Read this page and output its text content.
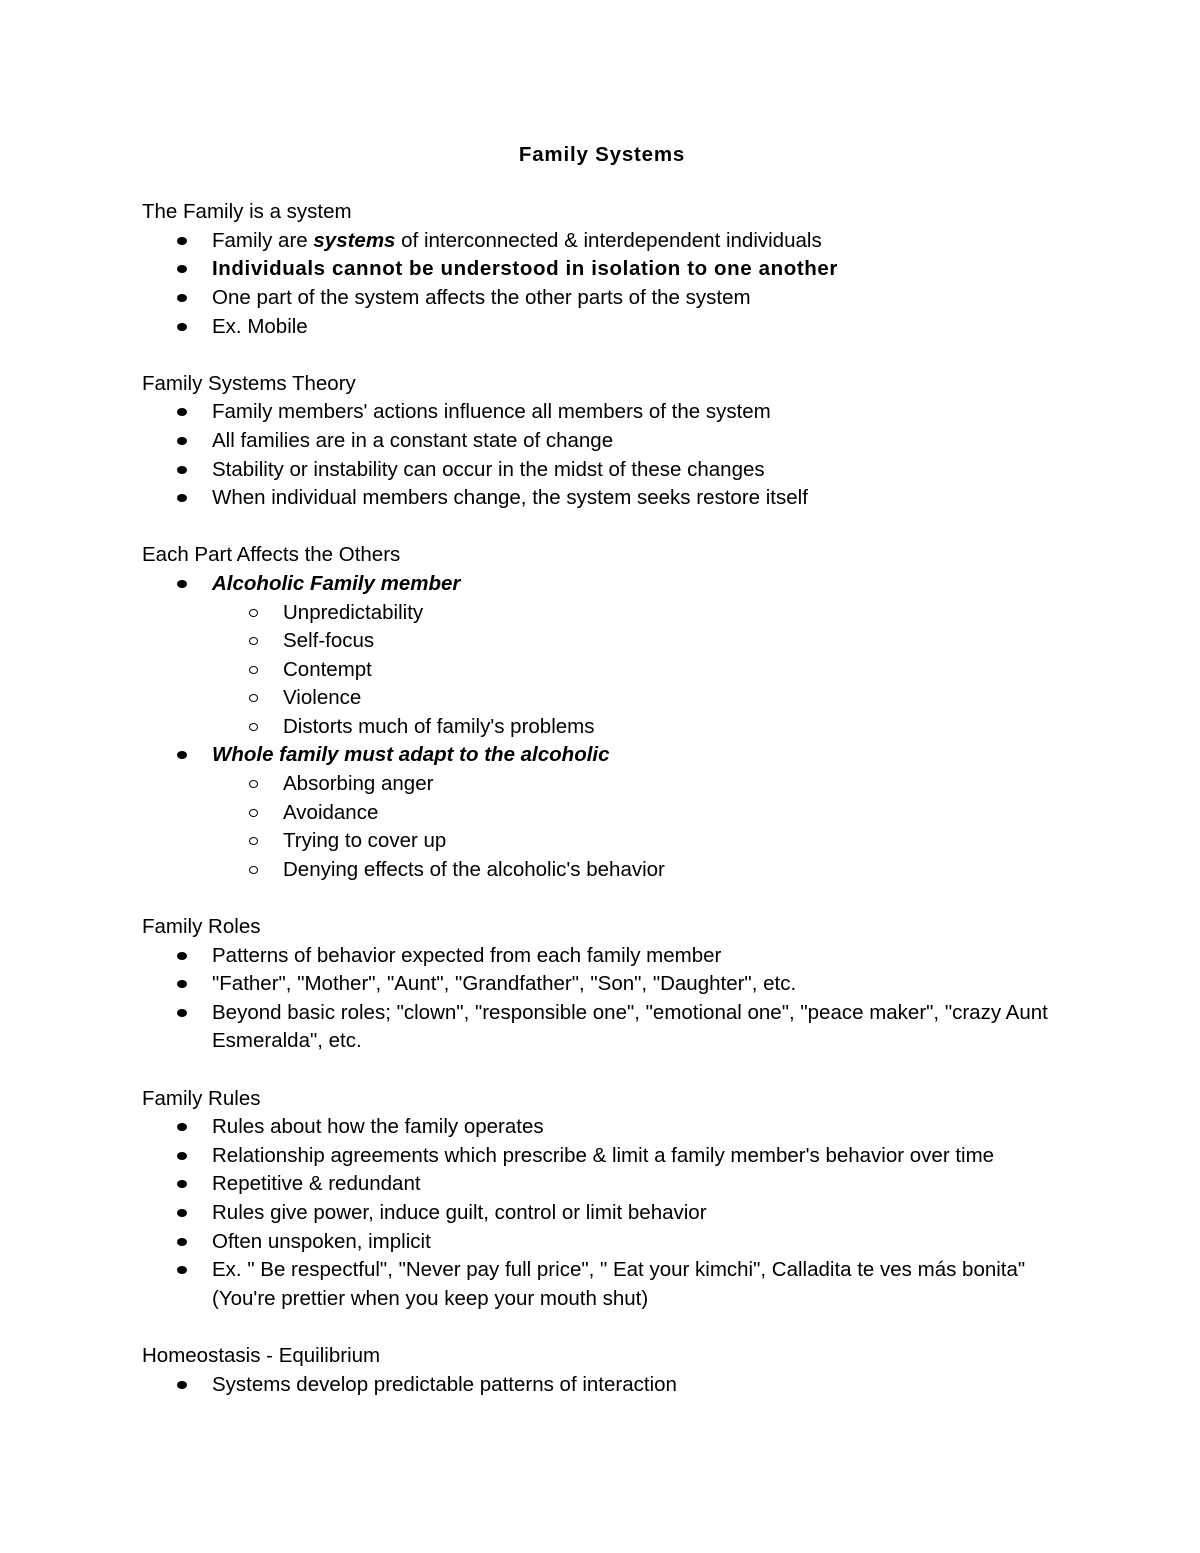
Family Systems
The Family is a system
Family are systems of interconnected & interdependent individuals
Individuals cannot be understood in isolation to one another
One part of the system affects the other parts of the system
Ex. Mobile
Family Systems Theory
Family members' actions influence all members of the system
All families are in a constant state of change
Stability or instability can occur in the midst of these changes
When individual members change, the system seeks restore itself
Each Part Affects the Others
Alcoholic Family member
Unpredictability
Self-focus
Contempt
Violence
Distorts much of family's problems
Whole family must adapt to the alcoholic
Absorbing anger
Avoidance
Trying to cover up
Denying effects of the alcoholic's behavior
Family Roles
Patterns of behavior expected from each family member
"Father", "Mother", "Aunt", "Grandfather", "Son", "Daughter", etc.
Beyond basic roles; "clown", "responsible one", "emotional one", "peace maker", "crazy Aunt Esmeralda", etc.
Family Rules
Rules about how the family operates
Relationship agreements which prescribe & limit a family member's behavior over time
Repetitive & redundant
Rules give power, induce guilt, control or limit behavior
Often unspoken, implicit
Ex. " Be respectful", "Never pay full price", " Eat your kimchi", Calladita te ves más bonita" (You're prettier when you keep your mouth shut)
Homeostasis - Equilibrium
Systems develop predictable patterns of interaction
